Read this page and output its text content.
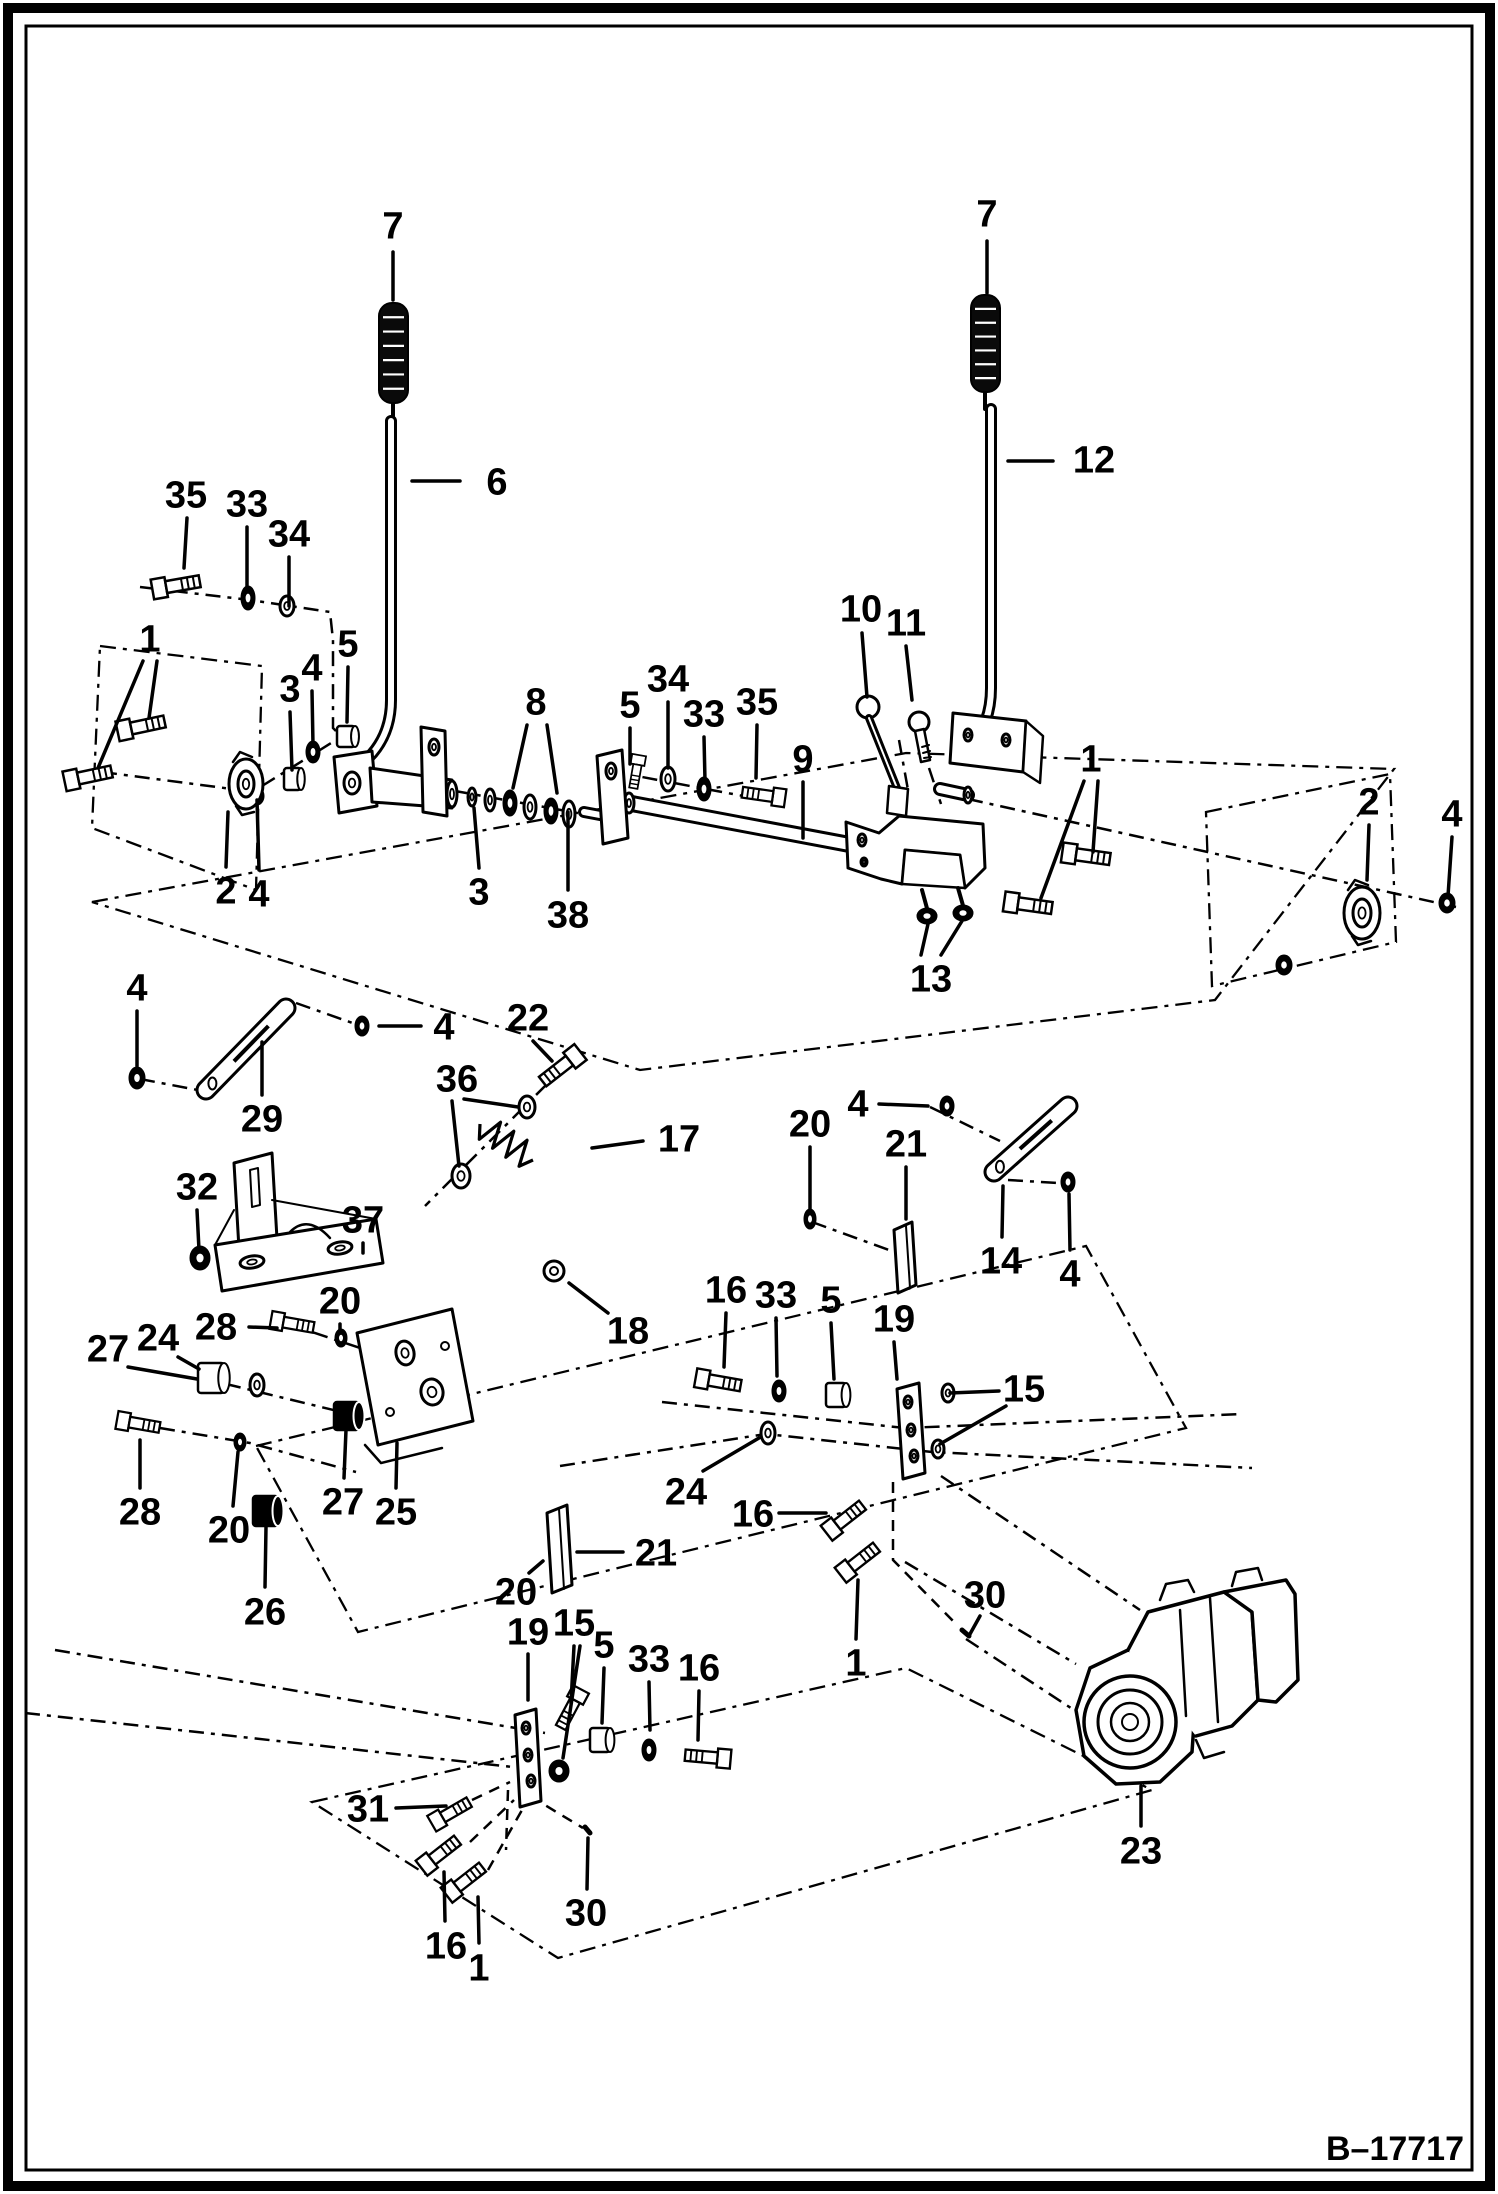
7
6
7
12
35 33
34
1	5
4
3	8 5
34
33 35
9
10 11
2 4	3
38
13
1
2 4
4
29
4 22
36
17
18
32
37
20
28
24
27
28 20
26
27 25
20 21
4
14 4
16 33 5 19
15
24
16
30
1
20
21
19 15
5 33 16
31
16
1
30
23
B–17717
